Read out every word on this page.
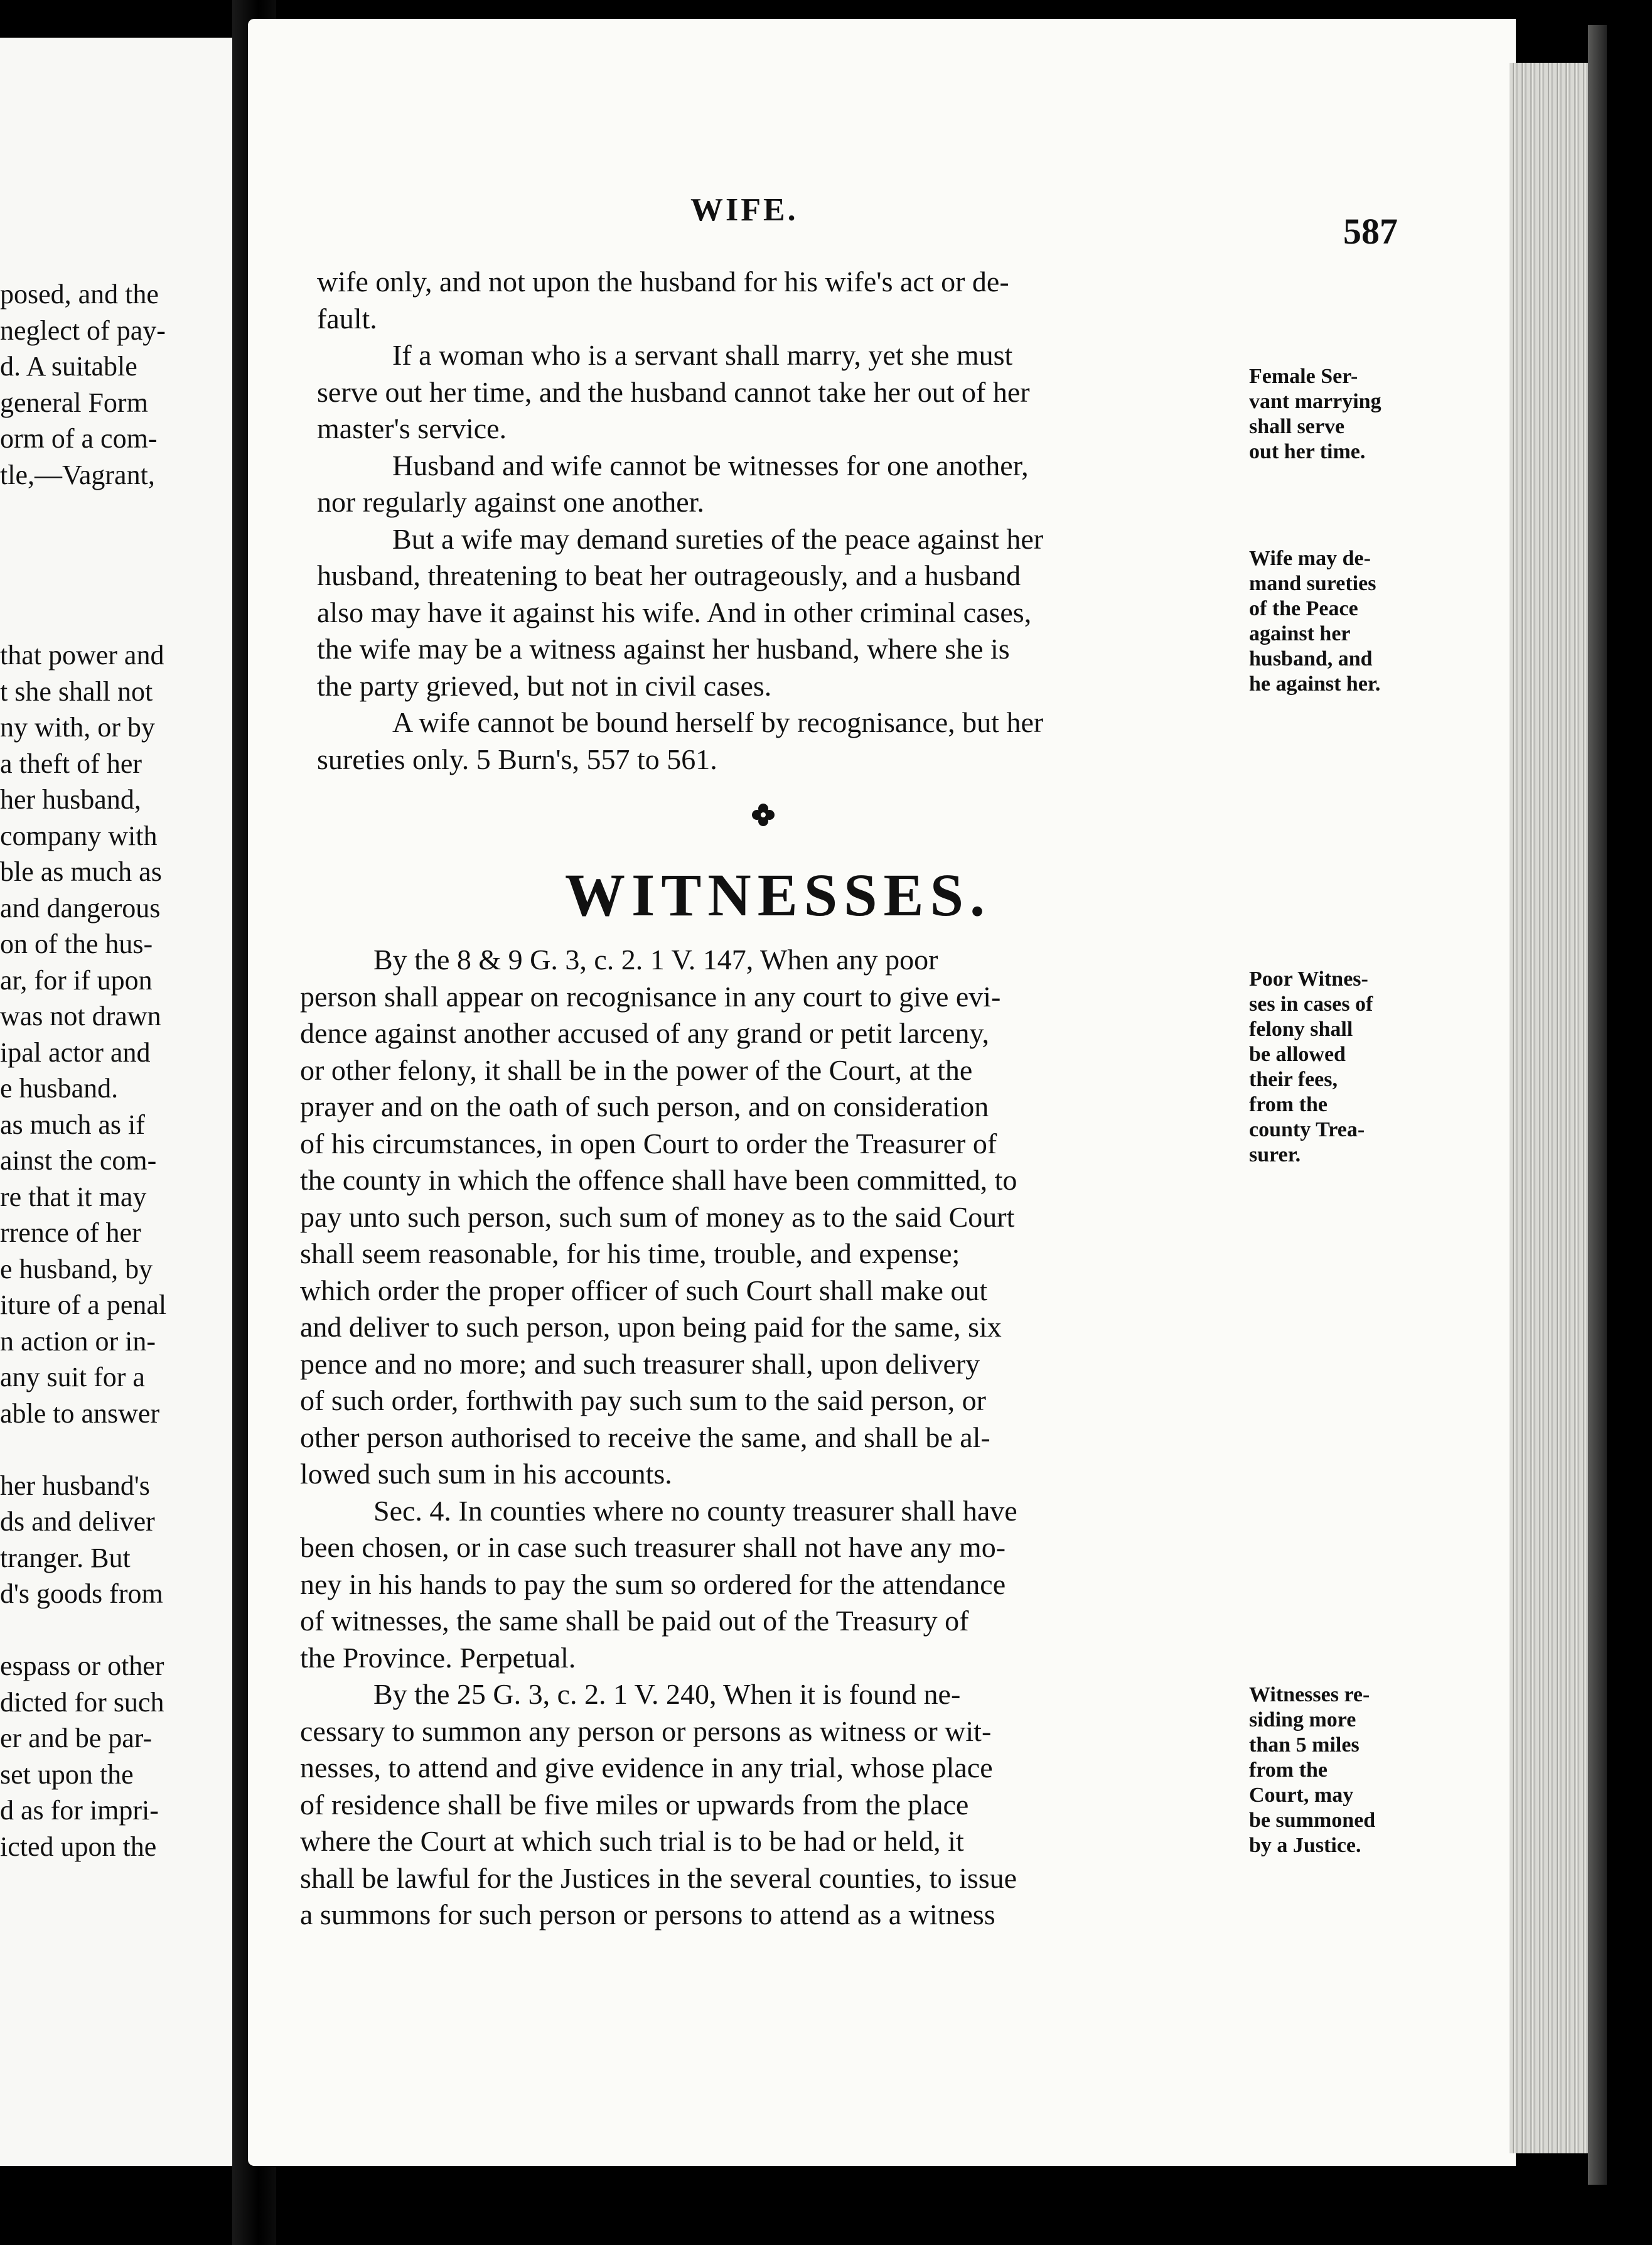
posed, and the
neglect of pay-
d. A suitable
general Form
orm of a com-
tle,—Vagrant,
that power and
t she shall not
ny with, or by
a theft of her
her husband,
company with
ble as much as
and dangerous
on of the hus-
ar, for if upon
was not drawn
ipal actor and
e husband.
as much as if
ainst the com-
re that it may
rrence of her
e husband, by
iture of a penal
n action or in-
any suit for a
able to answer
her husband's
ds and deliver
tranger. But
d's goods from
espass or other
dicted for such
er and be par-
set upon the
d as for impri-
icted upon the
WIFE.
587
wife only, and not upon the husband for his wife's act or de-
fault.
If a woman who is a servant shall marry, yet she must
serve out her time, and the husband cannot take her out of her
master's service.
Husband and wife cannot be witnesses for one another,
nor regularly against one another.
But a wife may demand sureties of the peace against her
husband, threatening to beat her outrageously, and a husband
also may have it against his wife. And in other criminal cases,
the wife may be a witness against her husband, where she is
the party grieved, but not in civil cases.
A wife cannot be bound herself by recognisance, but her
sureties only. 5 Burn's, 557 to 561.
WITNESSES.
By the 8 & 9 G. 3, c. 2. 1 V. 147, When any poor
person shall appear on recognisance in any court to give evi-
dence against another accused of any grand or petit larceny,
or other felony, it shall be in the power of the Court, at the
prayer and on the oath of such person, and on consideration
of his circumstances, in open Court to order the Treasurer of
the county in which the offence shall have been committed, to
pay unto such person, such sum of money as to the said Court
shall seem reasonable, for his time, trouble, and expense;
which order the proper officer of such Court shall make out
and deliver to such person, upon being paid for the same, six
pence and no more; and such treasurer shall, upon delivery
of such order, forthwith pay such sum to the said person, or
other person authorised to receive the same, and shall be al-
lowed such sum in his accounts.
Sec. 4. In counties where no county treasurer shall have
been chosen, or in case such treasurer shall not have any mo-
ney in his hands to pay the sum so ordered for the attendance
of witnesses, the same shall be paid out of the Treasury of
the Province. Perpetual.
By the 25 G. 3, c. 2. 1 V. 240, When it is found ne-
cessary to summon any person or persons as witness or wit-
nesses, to attend and give evidence in any trial, whose place
of residence shall be five miles or upwards from the place
where the Court at which such trial is to be had or held, it
shall be lawful for the Justices in the several counties, to issue
a summons for such person or persons to attend as a witness
Female Ser-
vant marrying
shall serve
out her time.
Wife may de-
mand sureties
of the Peace
against her
husband, and
he against her.
Poor Witnes-
ses in cases of
felony shall
be allowed
their fees,
from the
county Trea-
surer.
Witnesses re-
siding more
than 5 miles
from the
Court, may
be summoned
by a Justice.
